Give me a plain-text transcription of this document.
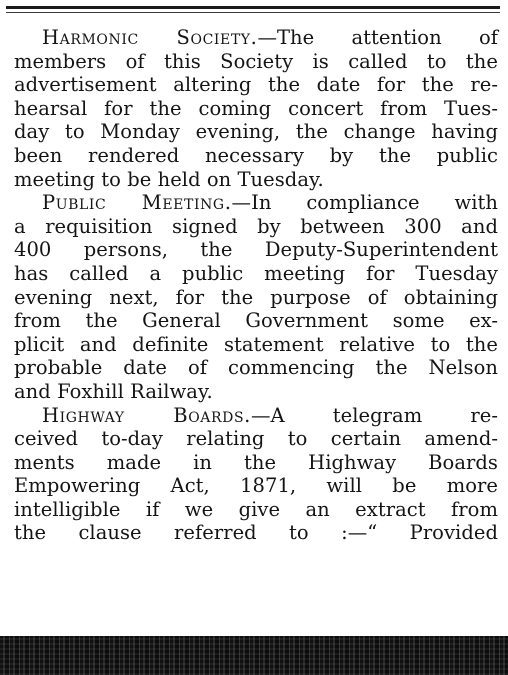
Harmonic Society.—The attention of
members of this Society is called to the
advertisement altering the date for the re-
hearsal for the coming concert from Tues-
day to Monday evening, the change having
been rendered necessary by the public
meeting to be held on Tuesday.

Public Meeting.—In compliance with
a requisition signed by between 300 and
400 persons, the Deputy-Superintendent
has called a public meeting for Tuesday
evening next, for the purpose of obtaining
from the General Government some ex-
plicit and definite statement relative to the
probable date of commencing the Nelson
and Foxhill Railway.

Highway Boards.—A telegram re-
ceived to-day relating to certain amend-
ments made in the Highway Boards
Empowering Act, 1871, will be more
intelligible if we give an extract from
the clause referred to :—“ Provided
